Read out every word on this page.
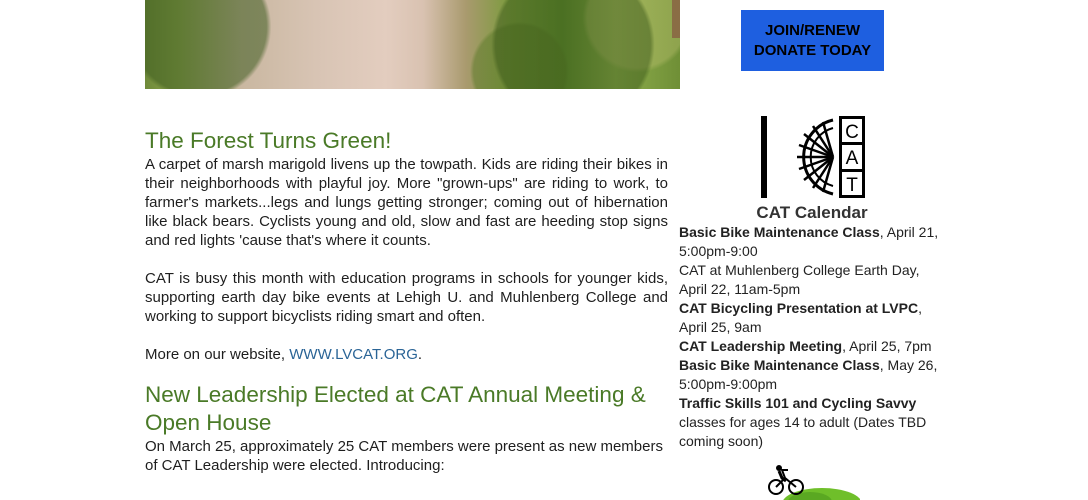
JOIN/RENEW
DONATE TODAY
C
A
T
The Forest Turns Green!

A carpet of marsh marigold livens up the towpath. Kids are riding their bikes in their neighborhoods with playful joy. More "grown-ups" are riding to work, to farmer's markets...legs and lungs getting stronger; coming out of hibernation like black bears. Cyclists young and old, slow and fast are heeding stop signs and red lights 'cause that's where it counts.

CAT is busy this month with education programs in schools for younger kids, supporting earth day bike events at Lehigh U. and Muhlenberg College and working to support bicyclists riding smart and often.

More on our website, WWW.LVCAT.ORG.

New Leadership Elected at CAT Annual Meeting & Open House

On March 25, approximately 25 CAT members were present as new members of CAT Leadership were elected. Introducing:

CAT Calendar

Basic Bike Maintenance Class, April 21, 5:00pm-9:00

CAT at Muhlenberg College Earth Day, April 22, 11am-5pm

CAT Bicycling Presentation at LVPC, April 25, 9am

CAT Leadership Meeting, April 25, 7pm

Basic Bike Maintenance Class, May 26, 5:00pm-9:00pm

Traffic Skills 101 and Cycling Savvy classes for ages 14 to adult (Dates TBD coming soon)
